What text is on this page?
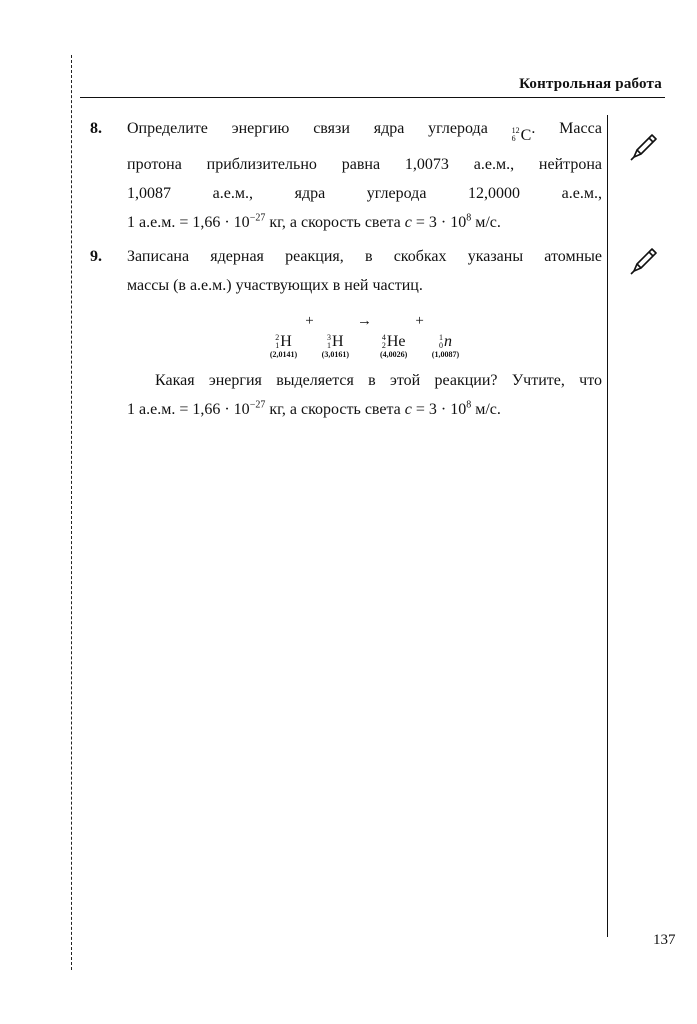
Контрольная работа
8. Определите энергию связи ядра углерода 12
6 C . Масса
протона приблизительно равна 1,0073 а.е.м., нейтрона
1,0087 а.е.м., ядра углерода 12,0000 а.е.м.,
1 а.е.м. = $1,66 \cdot 10^{-27}$ кг, а скорость света $c = 3 \cdot 10^8$ м/с.
9. Записана ядерная реакция, в скобках указаны атомные
массы (в а.е.м.) участвующих в ней частиц.
2
1 H
(2,0141)
+
3
1 H
(3,0161)
→
4
2 He
(4,0026)
+
1
0 n
(1,0087)
Какая энергия выделяется в этой реакции? Учтите, что
1 а.е.м. = $1,66 \cdot 10^{-27}$ кг, а скорость света $c = 3 \cdot 10^8$ м/с.
137
